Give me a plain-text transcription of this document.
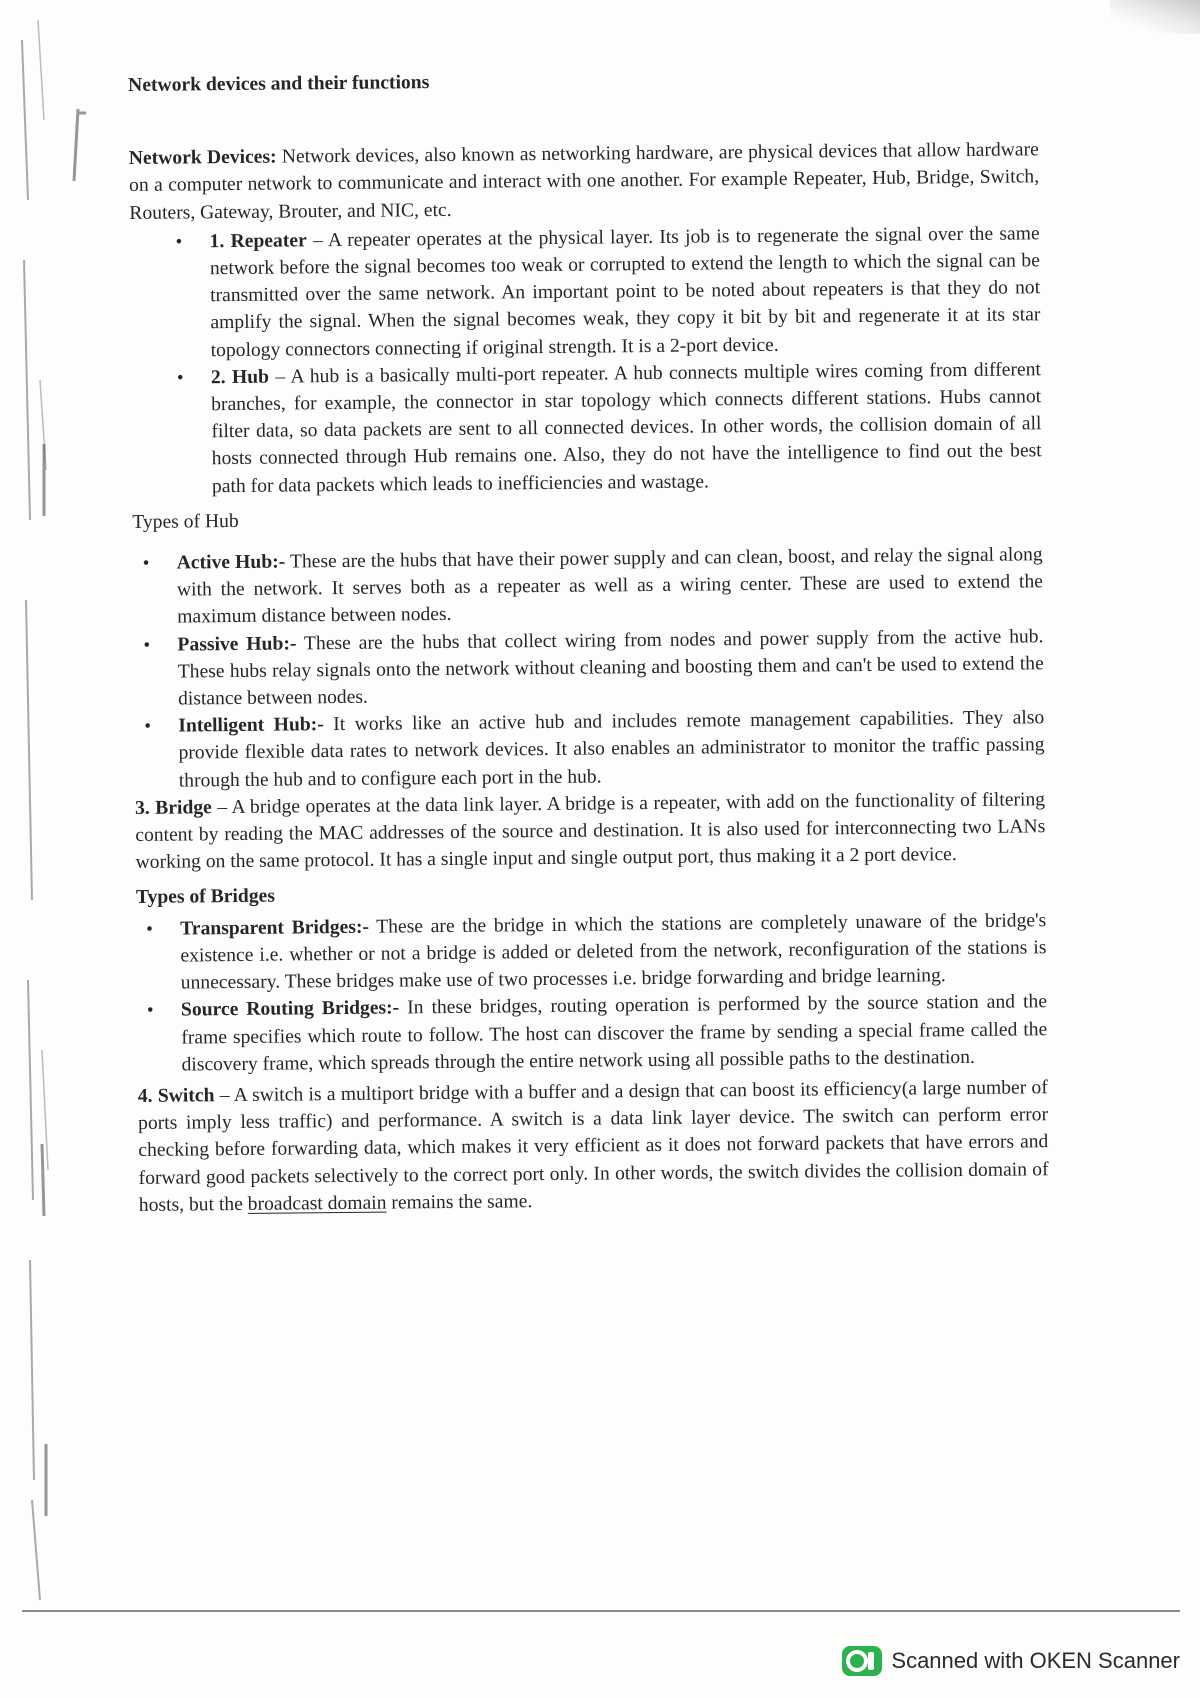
Network devices and their functions

Network Devices: Network devices, also known as networking hardware, are physical devices that allow hardware on a computer network to communicate and interact with one another. For example Repeater, Hub, Bridge, Switch, Routers, Gateway, Brouter, and NIC, etc.

• 1. Repeater – A repeater operates at the physical layer. Its job is to regenerate the signal over the same network before the signal becomes too weak or corrupted to extend the length to which the signal can be transmitted over the same network. An important point to be noted about repeaters is that they do not amplify the signal. When the signal becomes weak, they copy it bit by bit and regenerate it at its star topology connectors connecting if original strength. It is a 2-port device.
• 2. Hub – A hub is a basically multi-port repeater. A hub connects multiple wires coming from different branches, for example, the connector in star topology which connects different stations. Hubs cannot filter data, so data packets are sent to all connected devices. In other words, the collision domain of all hosts connected through Hub remains one. Also, they do not have the intelligence to find out the best path for data packets which leads to inefficiencies and wastage.
Types of Hub
• Active Hub:- These are the hubs that have their power supply and can clean, boost, and relay the signal along with the network. It serves both as a repeater as well as a wiring center. These are used to extend the maximum distance between nodes.
• Passive Hub:- These are the hubs that collect wiring from nodes and power supply from the active hub. These hubs relay signals onto the network without cleaning and boosting them and can't be used to extend the distance between nodes.
• Intelligent Hub:- It works like an active hub and includes remote management capabilities. They also provide flexible data rates to network devices. It also enables an administrator to monitor the traffic passing through the hub and to configure each port in the hub.

3. Bridge – A bridge operates at the data link layer. A bridge is a repeater, with add on the functionality of filtering content by reading the MAC addresses of the source and destination. It is also used for interconnecting two LANs working on the same protocol. It has a single input and single output port, thus making it a 2 port device.

Types of Bridges
• Transparent Bridges:- These are the bridge in which the stations are completely unaware of the bridge's existence i.e. whether or not a bridge is added or deleted from the network, reconfiguration of the stations is unnecessary. These bridges make use of two processes i.e. bridge forwarding and bridge learning.
• Source Routing Bridges:- In these bridges, routing operation is performed by the source station and the frame specifies which route to follow. The host can discover the frame by sending a special frame called the discovery frame, which spreads through the entire network using all possible paths to the destination.

4. Switch – A switch is a multiport bridge with a buffer and a design that can boost its efficiency(a large number of ports imply less traffic) and performance. A switch is a data link layer device. The switch can perform error checking before forwarding data, which makes it very efficient as it does not forward packets that have errors and forward good packets selectively to the correct port only. In other words, the switch divides the collision domain of hosts, but the broadcast domain remains the same.

Scanned with OKEN Scanner
